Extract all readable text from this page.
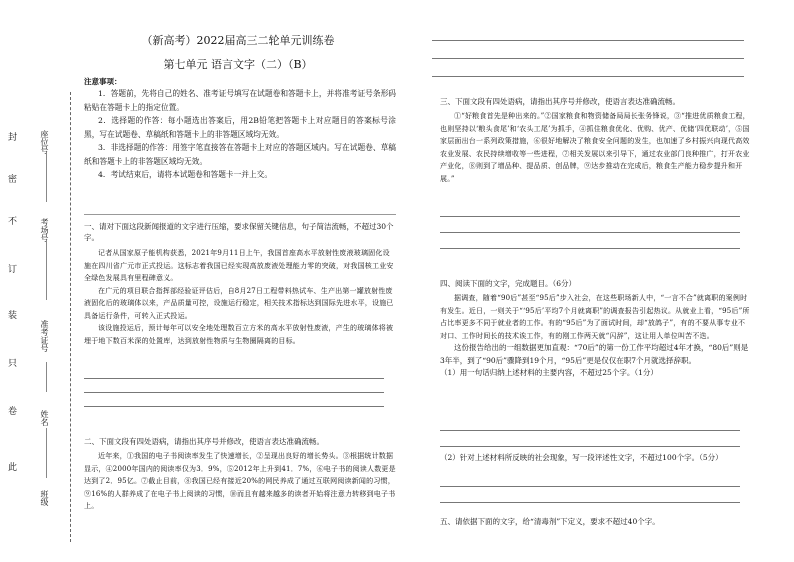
封
密
不
订
装
只
卷
此
座位号
考场号
准考证号
姓名
班级
（新高考）2022届高三二轮单元训练卷
第七单元 语言文字（二）（B）
注意事项：
1．答题前，先将自己的姓名、准考证号填写在试题卷和答题卡上，并将准考证号条形码粘贴在答题卡上的指定位置。
2．选择题的作答：每小题选出答案后，用2B铅笔把答题卡上对应题目的答案标号涂黑，写在试题卷、草稿纸和答题卡上的非答题区域均无效。
3．非选择题的作答：用签字笔直接答在答题卡上对应的答题区域内。写在试题卷、草稿纸和答题卡上的非答题区域均无效。
4．考试结束后，请将本试题卷和答题卡一并上交。
一、请对下面这段新闻报道的文字进行压缩，要求保留关键信息，句子简洁流畅，不超过30个字。
记者从国家原子能机构获悉，2021年9月11日上午，我国首座高水平放射性废液玻璃固化设施在四川省广元市正式投运。这标志着我国已经实现高放废液处理能力零的突破，对我国核工业安全绿色发展具有里程碑意义。
在广元的项目联合指挥部经验证评估后，自8月27日工程带料热试车、生产出第一罐放射性废液固化后的玻璃体以来，产品质量可控，设施运行稳定，相关技术指标达到国际先进水平，设施已具备运行条件，可转入正式投运。
该设施投运后，预计每年可以安全地处理数百立方米的高水平放射性废液，产生的玻璃体将被埋于地下数百米深的处置库，达到放射性物质与生物圈隔离的目标。
二、下面文段有四处语病，请指出其序号并修改，使语言表达准确流畅。
近年来，①我国的电子书阅读率发生了快速增长，②呈现出良好的增长势头。③根据统计数据显示，④2000年国内的阅读率仅为3．9%，⑤2012年上升到41．7%，⑥电子书的阅读人数更是达到了2．95亿。⑦截止目前，⑧我国已经有接近20%的网民养成了通过互联网阅读新闻的习惯，⑨16%的人群养成了在电子书上阅读的习惯，⑩而且有越来越多的读者开始将注意力转移到电子书上。
三、下面文段有四处语病，请指出其序号并修改，使语言表达准确流畅。
①“好粮食首先是种出来的。”②国家粮食和物资储备局局长张务锋说，③“推进优质粮食工程，也则坚持以‘粮头食尾’和‘农头工尾’为抓手，④抓住粮食优化、优购、优产、优储‘四优联动’，⑤国家层面出台一系列政策措施，⑥很好地解决了粮食安全问题的发生，也加速了乡村振兴向现代高效农业发展、农民持续增收等一些进程，⑦相关发展以来引导下，通过农业部门良种推广，打开农业产业化，⑧则到了增品种、提品质、创品牌，⑨达步推动在完成后，粮食生产能力稳步提升和开展。”
四、阅读下面的文字，完成题目。（6分）
据调查，随着“90后”甚至“95后”步入社会，在这些职场新人中，“一言不合”就离职的案例时有发生。近日，一则关于“‘95后’平均7个月就离职”的调查报告引起热议。从就业上看，“95后”所占比率更多不同于就业者的工作。有的“95后”为了面试时间，却“放鸽子”，有的不要从事专业不对口、工作时间长的技术诶工作，有的刚工作两天就“闪辞”，这让用人单位叫苦不迭。
这份报告给出的一组数据更加直观：“70后”的第一份工作平均超过4年才换，“80后”则是3年半，到了“90后”骤降到19个月，“95后”更是仅仅在职7个月就选择辞职。
（1）用一句话归纳上述材料的主要内容，不超过25个字。（1分）
（2）针对上述材料所反映的社会现象，写一段评述性文字，不超过100个字。（5分）
五、请依据下面的文字，给“清毒剂”下定义，要求不超过40个字。
